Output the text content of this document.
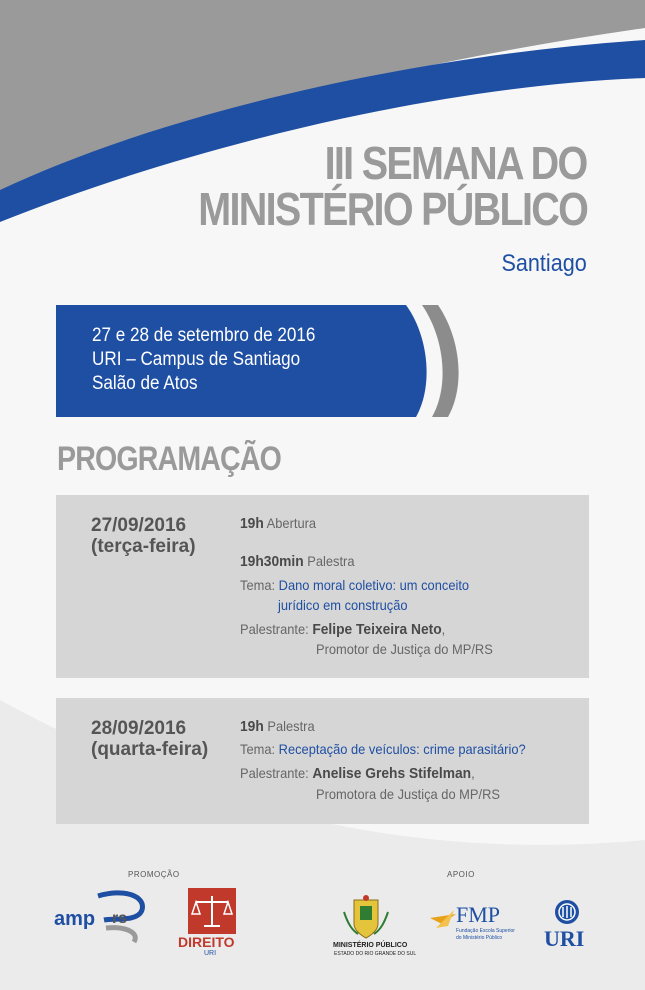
III SEMANA DO
MINISTÉRIO PÚBLICO
Santiago
27 e 28 de setembro de 2016
URI – Campus de Santiago
Salão de Atos
PROGRAMAÇÃO
27/09/2016
(terça-feira)
19h Abertura
19h30min Palestra
Tema: Dano moral coletivo: um conceito
jurídico em construção
Palestrante: Felipe Teixeira Neto,
Promotor de Justiça do MP/RS
28/09/2016
(quarta-feira)
19h Palestra
Tema: Receptação de veículos: crime parasitário?
Palestrante: Anelise Grehs Stifelman,
Promotora de Justiça do MP/RS
PROMOÇÃO	APOIO
amp rs
DIREITO
URI
MINISTÉRIO PÚBLICO
ESTADO DO RIO GRANDE DO SUL
FMP
Fundação Escola Superior
do Ministério Público URI
